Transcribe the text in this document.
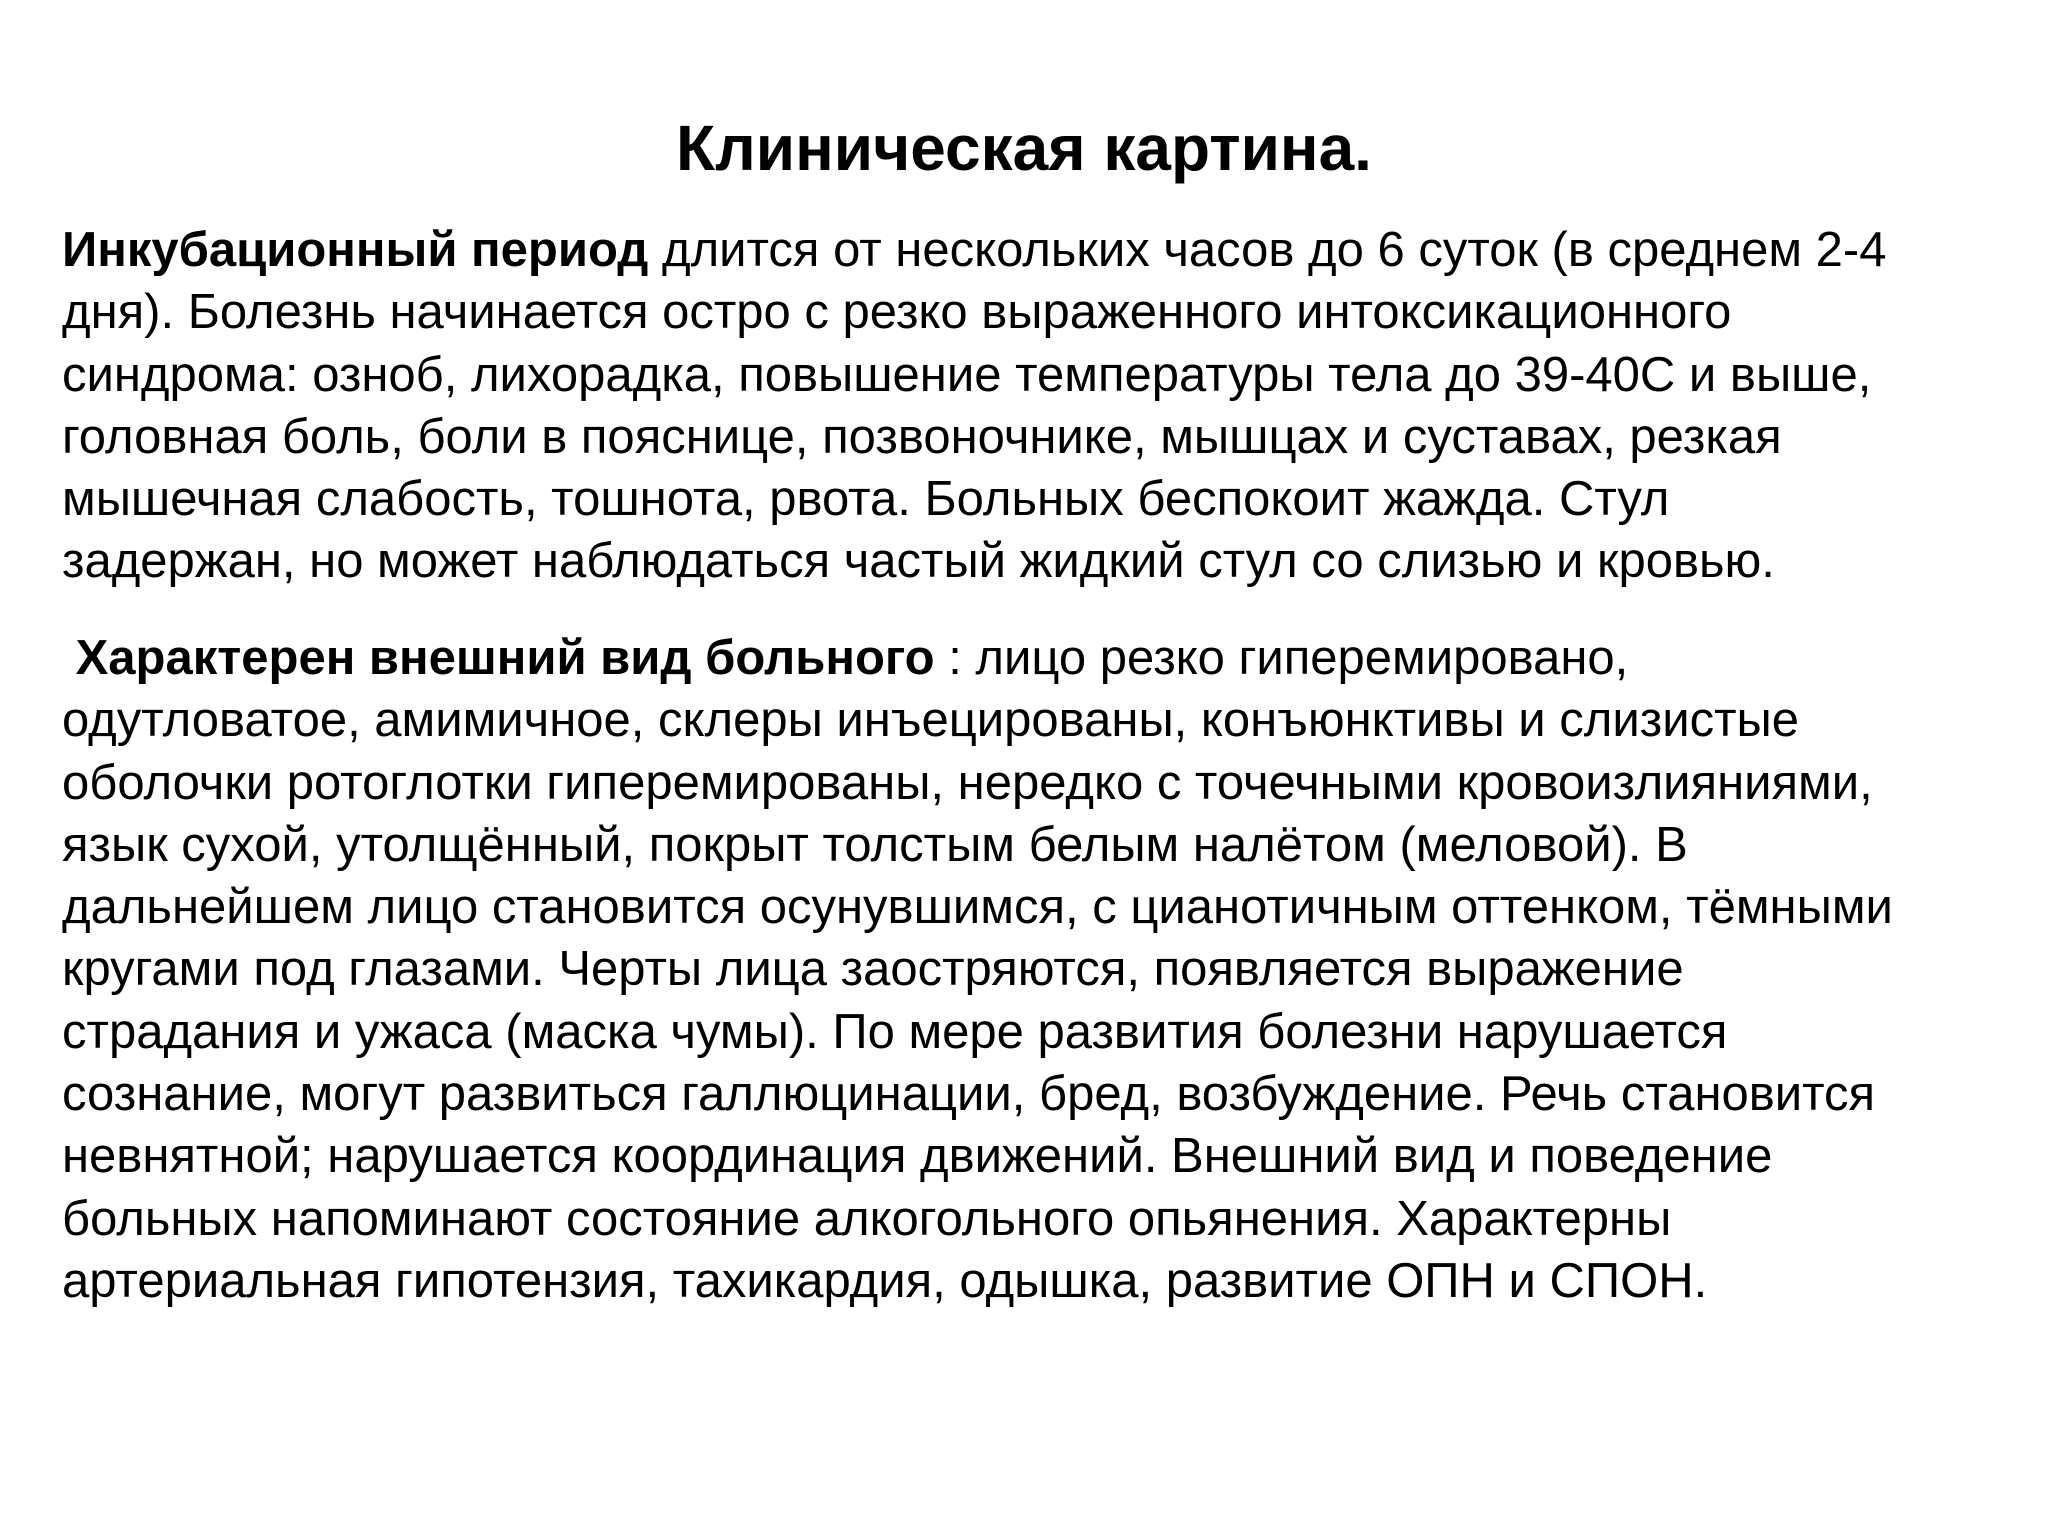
Клиническая картина.

Инкубационный период длится от нескольких часов до 6 суток (в среднем 2-4
дня). Болезнь начинается остро с резко выраженного интоксикационного
синдрома: озноб, лихорадка, повышение температуры тела до 39-40С и выше,
головная боль, боли в пояснице, позвоночнике, мышцах и суставах, резкая
мышечная слабость, тошнота, рвота. Больных беспокоит жажда. Стул
задержан, но может наблюдаться частый жидкий стул со слизью и кровью.

Характерен внешний вид больного : лицо резко гиперемировано,
одутловатое, амимичное, склеры инъецированы, конъюнктивы и слизистые
оболочки ротоглотки гиперемированы, нередко с точечными кровоизлияниями,
язык сухой, утолщённый, покрыт толстым белым налётом (меловой). В
дальнейшем лицо становится осунувшимся, с цианотичным оттенком, тёмными
кругами под глазами. Черты лица заостряются, появляется выражение
страдания и ужаса (маска чумы). По мере развития болезни нарушается
сознание, могут развиться галлюцинации, бред, возбуждение. Речь становится
невнятной; нарушается координация движений. Внешний вид и поведение
больных напоминают состояние алкогольного опьянения. Характерны
артериальная гипотензия, тахикардия, одышка, развитие ОПН и СПОН.
